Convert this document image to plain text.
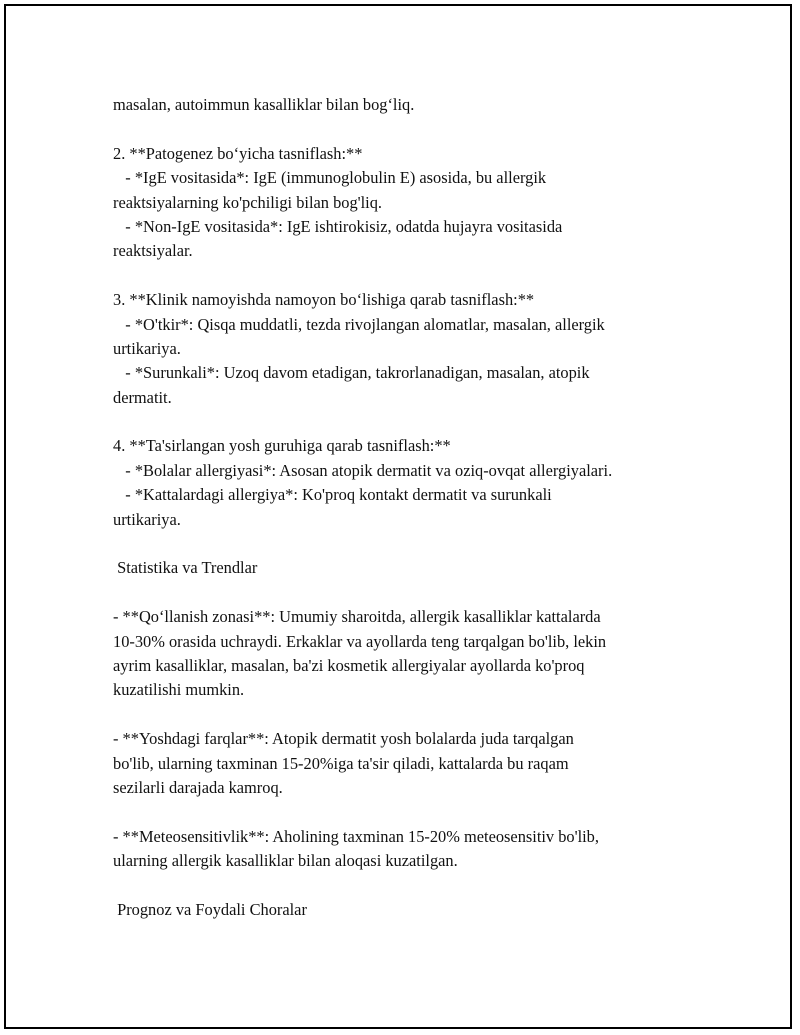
masalan, autoimmun kasalliklar bilan bog‘liq.
2. **Patogenez bo‘yicha tasniflash:**
- *IgE vositasida*: IgE (immunoglobulin E) asosida, bu allergik
reaktsiyalarning ko'pchiligi bilan bog'liq.
- *Non-IgE vositasida*: IgE ishtirokisiz, odatda hujayra vositasida
reaktsiyalar.
3. **Klinik namoyishda namoyon bo‘lishiga qarab tasniflash:**
- *O'tkir*: Qisqa muddatli, tezda rivojlangan alomatlar, masalan, allergik
urtikariya.
- *Surunkali*: Uzoq davom etadigan, takrorlanadigan, masalan, atopik
dermatit.
4. **Ta'sirlangan yosh guruhiga qarab tasniflash:**
- *Bolalar allergiyasi*: Asosan atopik dermatit va oziq-ovqat allergiyalari.
- *Kattalardagi allergiya*: Ko'proq kontakt dermatit va surunkali
urtikariya.
Statistika va Trendlar
- **Qo‘llanish zonasi**: Umumiy sharoitda, allergik kasalliklar kattalarda
10-30% orasida uchraydi. Erkaklar va ayollarda teng tarqalgan bo'lib, lekin
ayrim kasalliklar, masalan, ba'zi kosmetik allergiyalar ayollarda ko'proq
kuzatilishi mumkin.
- **Yoshdagi farqlar**: Atopik dermatit yosh bolalarda juda tarqalgan
bo'lib, ularning taxminan 15-20%iga ta'sir qiladi, kattalarda bu raqam
sezilarli darajada kamroq.
- **Meteosensitivlik**: Aholining taxminan 15-20% meteosensitiv bo'lib,
ularning allergik kasalliklar bilan aloqasi kuzatilgan.
Prognoz va Foydali Choralar
